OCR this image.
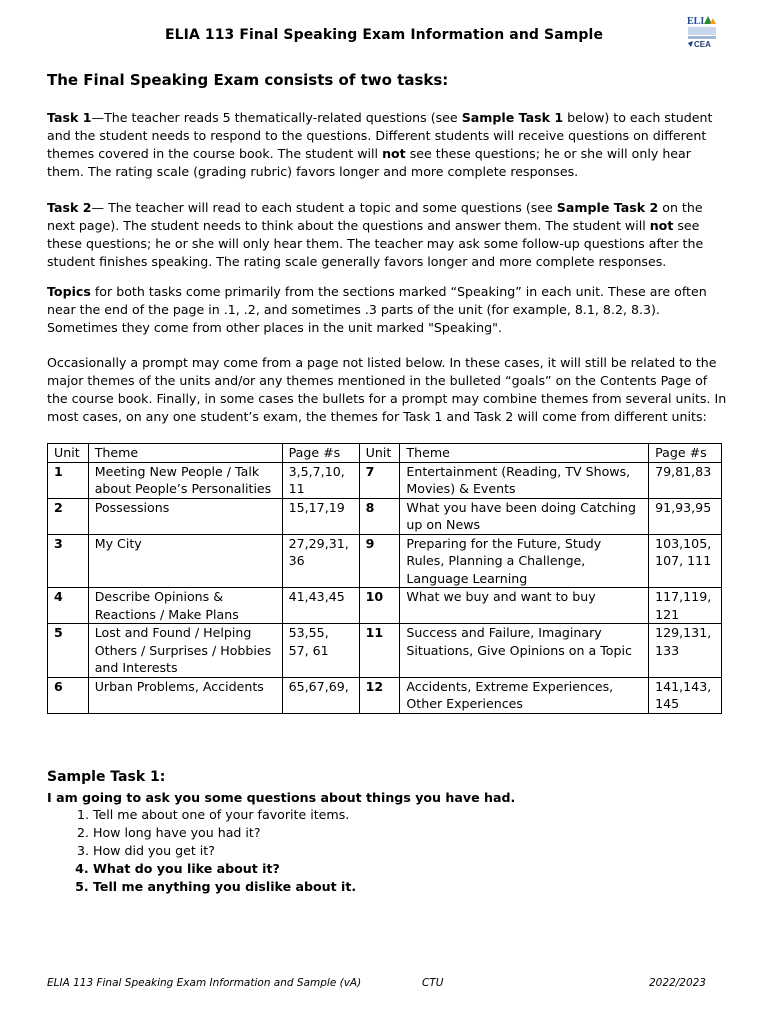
ELIA 113 Final Speaking Exam Information and Sample
ELI
CEA
The Final Speaking Exam consists of two tasks:
Task 1—The teacher reads 5 thematically-related questions (see Sample Task 1 below) to each student and the student needs to respond to the questions. Different students will receive questions on different themes covered in the course book. The student will not see these questions; he or she will only hear them. The rating scale (grading rubric) favors longer and more complete responses.
Task 2— The teacher will read to each student a topic and some questions (see Sample Task 2 on the next page). The student needs to think about the questions and answer them. The student will not see these questions; he or she will only hear them. The teacher may ask some follow-up questions after the student finishes speaking. The rating scale generally favors longer and more complete responses.
Topics for both tasks come primarily from the sections marked “Speaking” in each unit. These are often near the end of the page in .1, .2, and sometimes .3 parts of the unit (for example, 8.1, 8.2, 8.3). Sometimes they come from other places in the unit marked "Speaking".
Occasionally a prompt may come from a page not listed below. In these cases, it will still be related to the major themes of the units and/or any themes mentioned in the bulleted “goals” on the Contents Page of the course book. Finally, in some cases the bullets for a prompt may combine themes from several units. In most cases, on any one student’s exam, the themes for Task 1 and Task 2 will come from different units:
Unit	Theme	Page #s	Unit	Theme	Page #s
1	Meeting New People / Talk about People’s Personalities	3,5,7,10, 11	7	Entertainment (Reading, TV Shows, Movies) & Events	79,81,83
2	Possessions	15,17,19	8	What you have been doing Catching up on News	91,93,95
3	My City	27,29,31, 36	9	Preparing for the Future, Study Rules, Planning a Challenge, Language Learning	103,105, 107, 111
4	Describe Opinions & Reactions / Make Plans	41,43,45	10	What we buy and want to buy	117,119, 121
5	Lost and Found / Helping Others / Surprises / Hobbies and Interests	53,55, 57, 61	11	Success and Failure, Imaginary Situations, Give Opinions on a Topic	129,131, 133
6	Urban Problems, Accidents	65,67,69,	12	Accidents, Extreme Experiences, Other Experiences	141,143, 145
Sample Task 1:
I am going to ask you some questions about things you have had.
1. Tell me about one of your favorite items.
2. How long have you had it?
3. How did you get it?
4. What do you like about it?
5. Tell me anything you dislike about it.
ELIA 113 Final Speaking Exam Information and Sample (vA)	CTU	2022/2023
